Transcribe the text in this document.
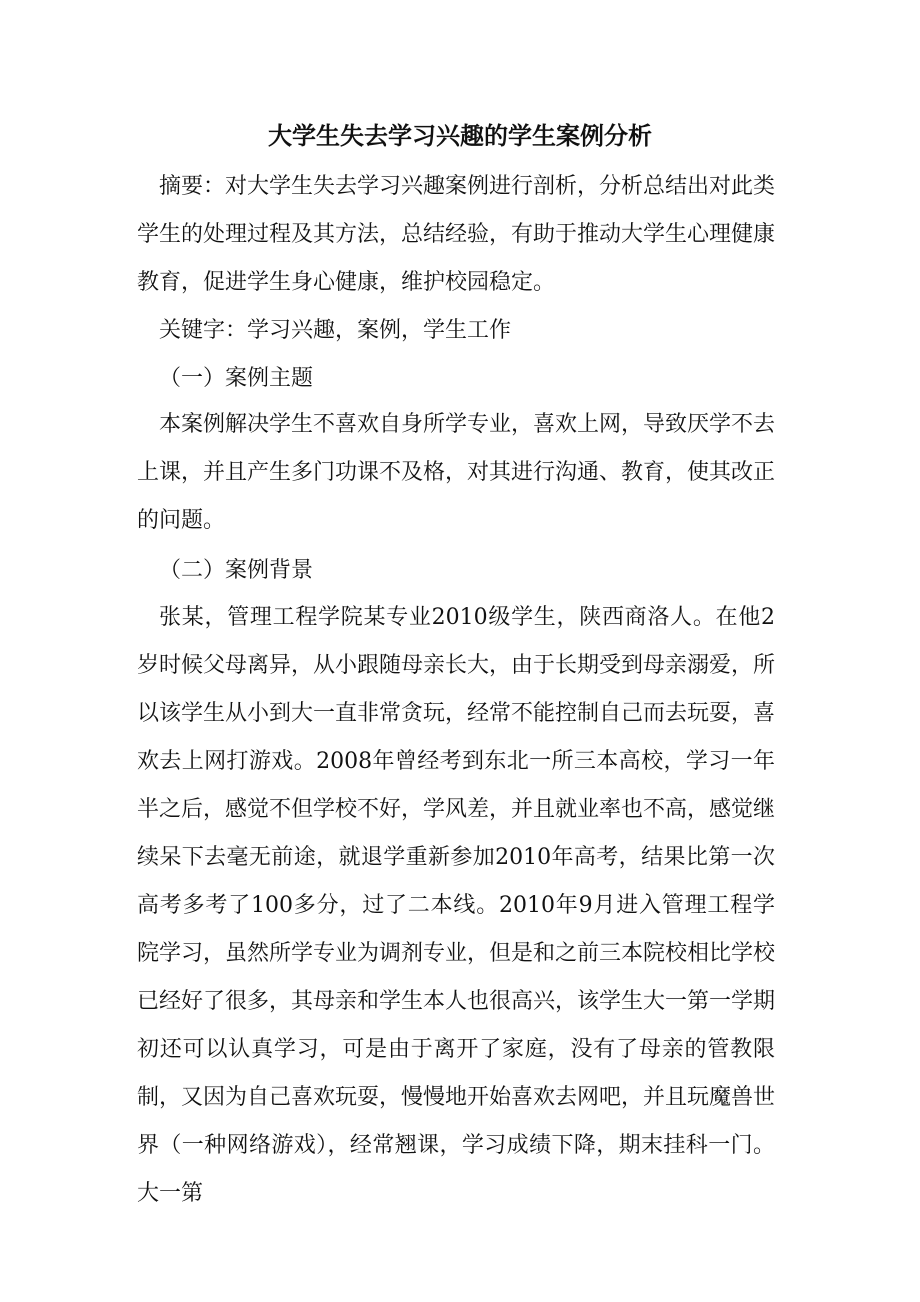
大学生失去学习兴趣的学生案例分析

摘要：对大学生失去学习兴趣案例进行剖析，分析总结出对此类学生的处理过程及其方法，总结经验，有助于推动大学生心理健康教育，促进学生身心健康，维护校园稳定。

关键字：学习兴趣，案例，学生工作

（一）案例主题

本案例解决学生不喜欢自身所学专业，喜欢上网，导致厌学不去上课，并且产生多门功课不及格，对其进行沟通、教育，使其改正的问题。

（二）案例背景

张某，管理工程学院某专业2010级学生，陕西商洛人。在他2岁时候父母离异，从小跟随母亲长大，由于长期受到母亲溺爱，所以该学生从小到大一直非常贪玩，经常不能控制自己而去玩耍，喜欢去上网打游戏。2008年曾经考到东北一所三本高校，学习一年半之后，感觉不但学校不好，学风差，并且就业率也不高，感觉继续呆下去毫无前途，就退学重新参加2010年高考，结果比第一次高考多考了100多分，过了二本线。2010年9月进入管理工程学院学习，虽然所学专业为调剂专业，但是和之前三本院校相比学校已经好了很多，其母亲和学生本人也很高兴，该学生大一第一学期初还可以认真学习，可是由于离开了家庭，没有了母亲的管教限制，又因为自己喜欢玩耍，慢慢地开始喜欢去网吧，并且玩魔兽世界（一种网络游戏），经常翘课，学习成绩下降，期末挂科一门。大一第
